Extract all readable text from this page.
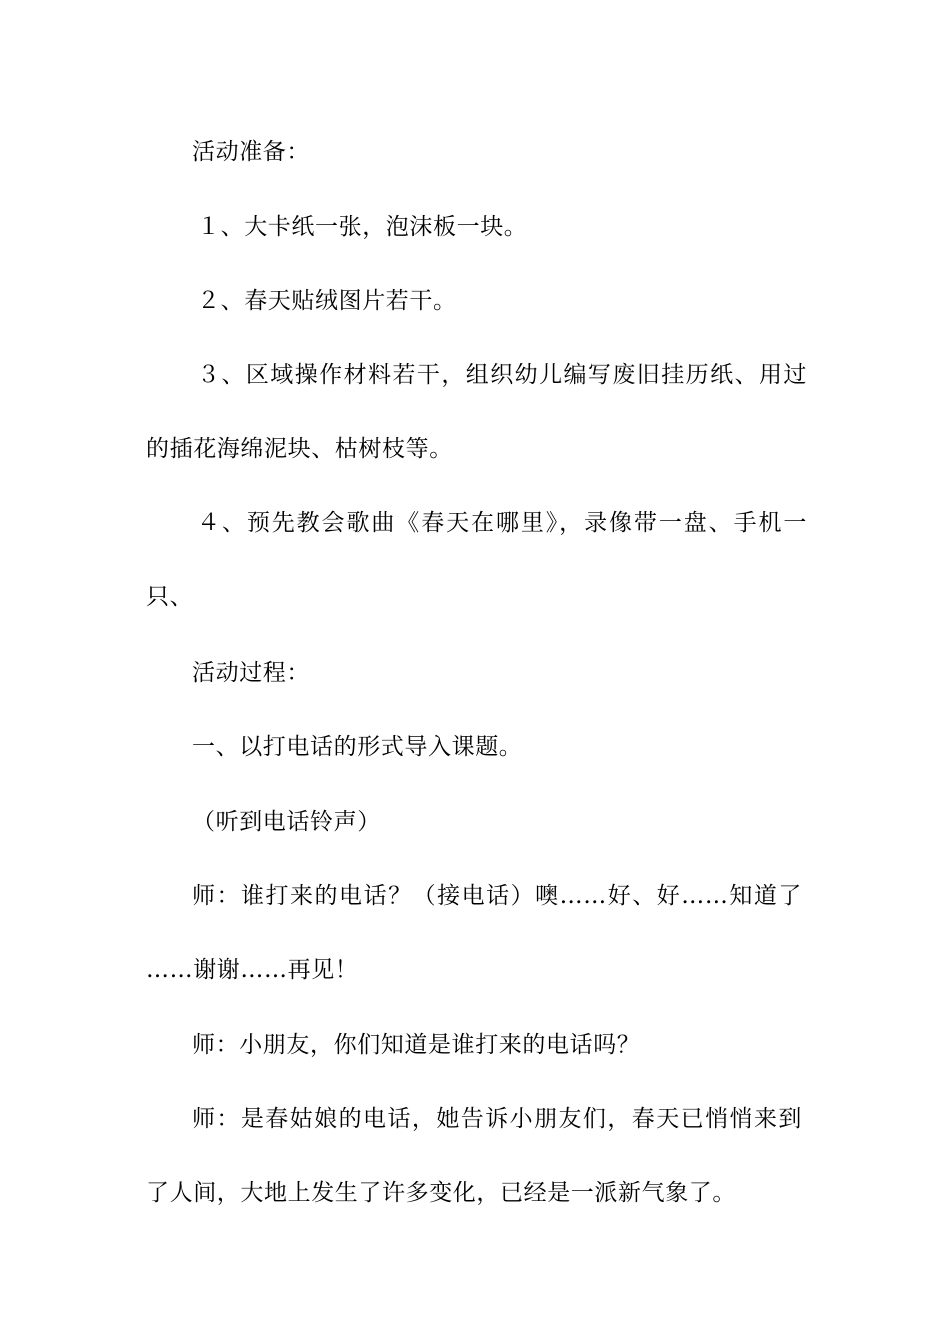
活动准备：
１、大卡纸一张，泡沫板一块。
２、春天贴绒图片若干。
３、区域操作材料若干，组织幼儿编写废旧挂历纸、用过
的插花海绵泥块、枯树枝等。
４、预先教会歌曲《春天在哪里》，录像带一盘、手机一
只、
活动过程：
一、以打电话的形式导入课题。
（听到电话铃声）
师：谁打来的电话？（接电话）噢……好、好……知道了
……谢谢……再见！
师：小朋友，你们知道是谁打来的电话吗？
师：是春姑娘的电话，她告诉小朋友们，春天已悄悄来到
了人间，大地上发生了许多变化，已经是一派新气象了。
